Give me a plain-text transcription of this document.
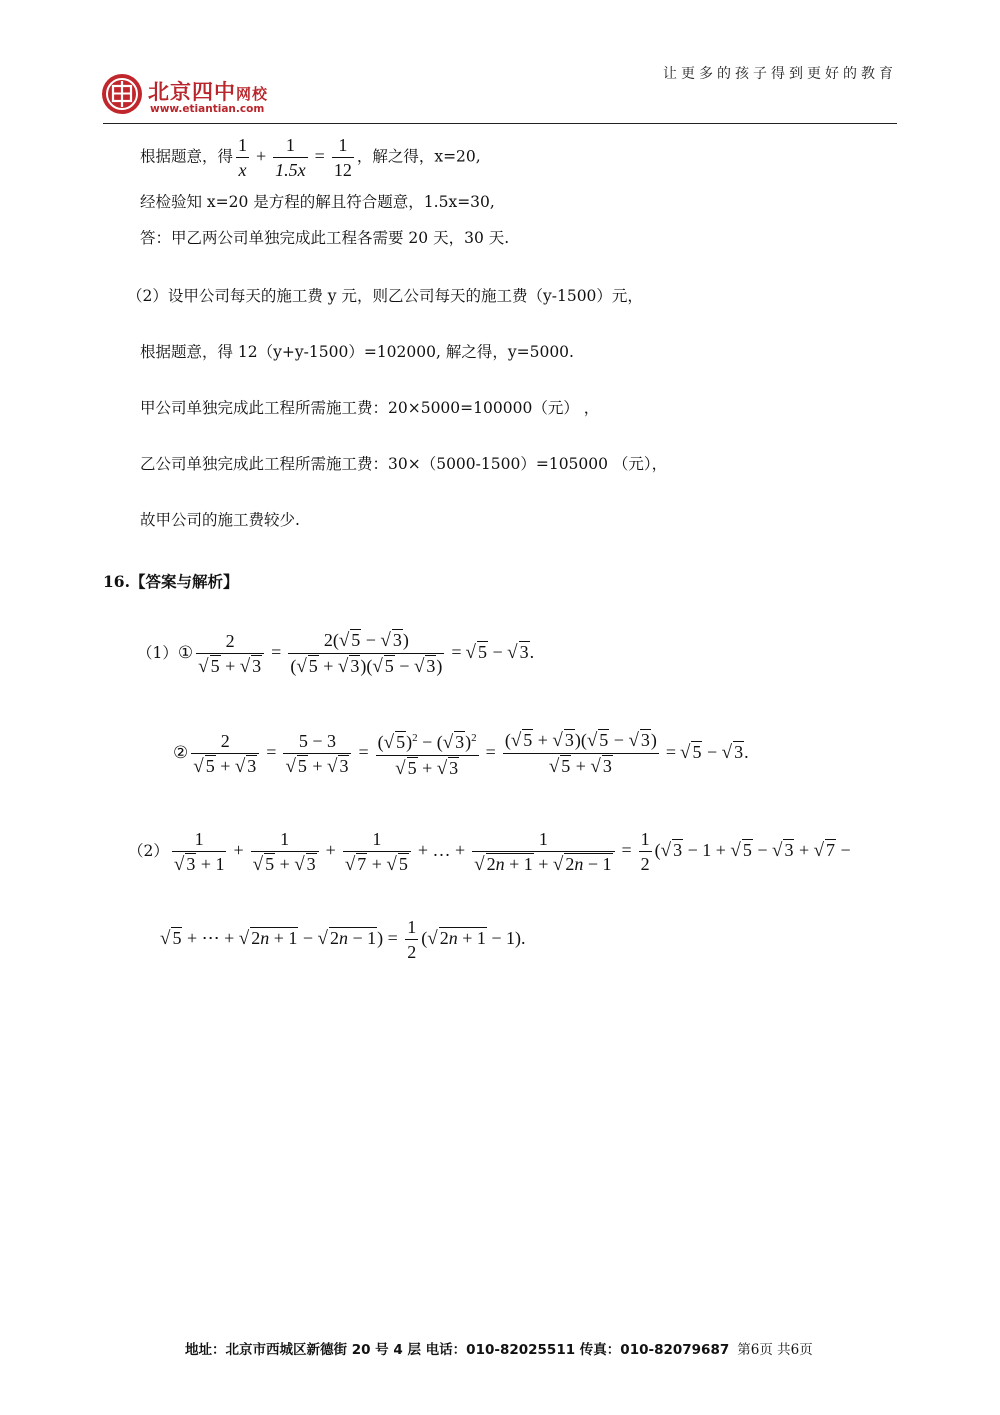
北京四中网校
www.etiantian.com
让更多的孩子得到更好的教育
根据题意，得 $\frac{1}{x} + \frac{1}{1.5x} = \frac{1}{12}$ ，解之得，x=20,
经检验知 x=20 是方程的解且符合题意，1.5x=30,
答：甲乙两公司单独完成此工程各需要 20 天，30 天.
（2）设甲公司每天的施工费 y 元，则乙公司每天的施工费（y-1500）元，
根据题意，得 12（y+y-1500）=102000, 解之得，y=5000.
甲公司单独完成此工程所需施工费：20×5000=100000（元） ，
乙公司单独完成此工程所需施工费：30×（5000-1500）=105000 （元），
故甲公司的施工费较少.
16.【答案与解析】
（1）① $\frac{2}{√ 5 + √ 3} = \frac{2(√ 5 - √ 3)}{(√ 5 + √ 3)(√ 5 - √ 3)}$ = √ 5 − √ 3.
② $\frac{2}{√ 5 + √ 3} = \frac{5 - 3}{√ 5 + √ 3} = \frac{(√ 5)^2 - (√ 3)^2}{√ 5 + √ 3} = \frac{(√ 5 + √ 3)(√ 5 - √ 3)}{√ 5 + √ 3}$ = √ 5 − √ 3.
$(2) \frac{1}{√ 3 + 1} + \frac{1}{√ 5 + √ 3} + \frac{1}{√ 7 + √ 5}$ + … + $\frac{1}{√ 2n + 1 + √ 2n - 1} = \frac{1}{2}$ (√ 3 − 1 + √ 5 − √ 3 + √ 7 −
√ 5 + ⋯ + √ 2n + 1 − √ $2n - 1) = \frac{1}{2}$ (√ 2n + 1 − 1).
地址：北京市西城区新德街 20 号 4 层 电话：010-82025511 传真：010-82079687 第6页 共6页
